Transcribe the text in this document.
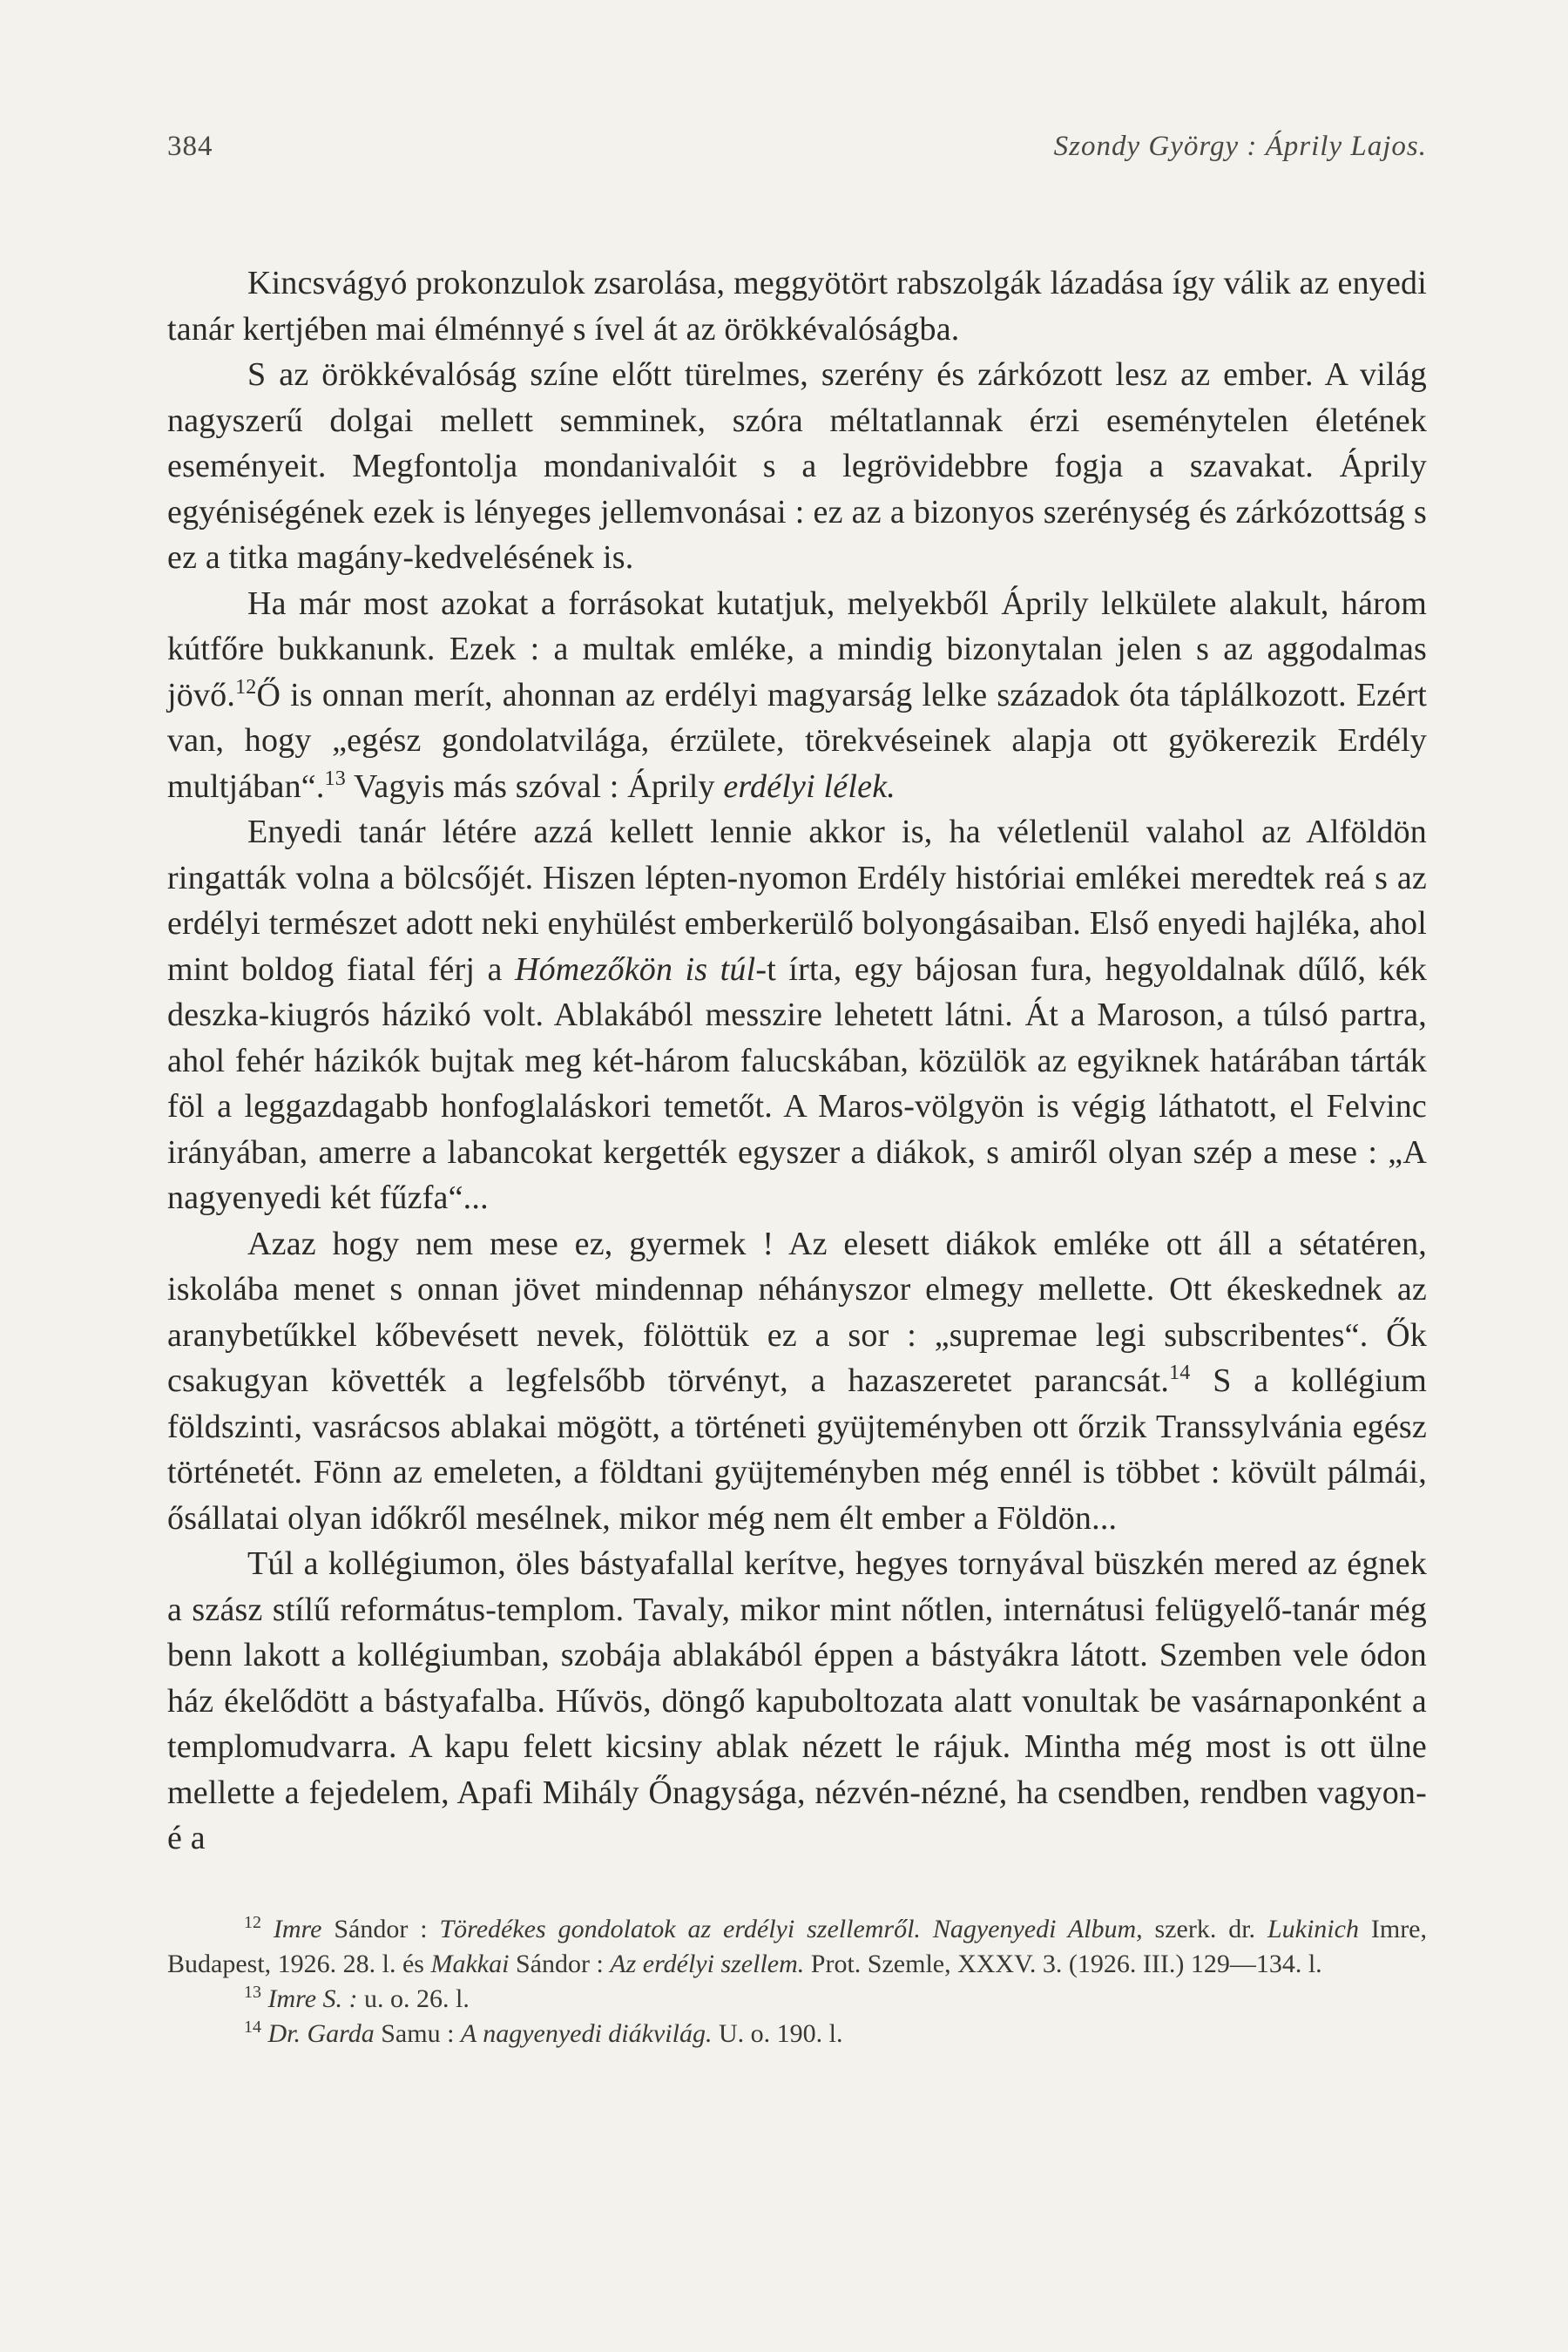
384	Szondy György : Áprily Lajos.

Kincsvágyó prokonzulok zsarolása, meggyötört rabszolgák lázadása így válik az enyedi tanár kertjében mai élménnyé s ível át az örökkévalóságba.

S az örökkévalóság színe előtt türelmes, szerény és zárkózott lesz az ember. A világ nagyszerű dolgai mellett semminek, szóra méltatlannak érzi eseménytelen életének eseményeit. Megfontolja mondanivalóit s a legrövidebbre fogja a szavakat. Áprily egyéniségének ezek is lényeges jellemvonásai : ez az a bizonyos szerénység és zárkózottság s ez a titka magány-kedvelésének is.

Ha már most azokat a forrásokat kutatjuk, melyekből Áprily lelkülete alakult, három kútfőre bukkanunk. Ezek : a multak emléke, a mindig bizonytalan jelen s az aggodalmas jövő.$^{12}$Ő is onnan merít, ahonnan az erdélyi magyarság lelke századok óta táplálkozott. Ezért van, hogy „egész gondolatvilága, érzülete, törekvéseinek alapja ott gyökerezik Erdély multjában“.$^{13}$ Vagyis más szóval : Áprily erdélyi lélek.

Enyedi tanár létére azzá kellett lennie akkor is, ha véletlenül valahol az Alföldön ringatták volna a bölcsőjét. Hiszen lépten-nyomon Erdély históriai emlékei meredtek reá s az erdélyi természet adott neki enyhülést emberkerülő bolyongásaiban. Első enyedi hajléka, ahol mint boldog fiatal férj a Hómezőkön is túl-t írta, egy bájosan fura, hegyoldalnak dűlő, kék deszka-kiugrós házikó volt. Ablakából messzire lehetett látni. Át a Maroson, a túlsó partra, ahol fehér házikók bujtak meg két-három falucskában, közülök az egyiknek határában tárták föl a leggazdagabb honfoglaláskori temetőt. A Maros-völgyön is végig láthatott, el Felvinc irányában, amerre a labancokat kergették egyszer a diákok, s amiről olyan szép a mese : „A nagyenyedi két fűzfa“...

Azaz hogy nem mese ez, gyermek ! Az elesett diákok emléke ott áll a sétatéren, iskolába menet s onnan jövet mindennap néhányszor elmegy mellette. Ott ékeskednek az aranybetűkkel kőbevésett nevek, fölöttük ez a sor : „supremae legi subscribentes“. Ők csakugyan követték a legfelsőbb törvényt, a hazaszeretet parancsát.$^{14}$ S a kollégium földszinti, vasrácsos ablakai mögött, a történeti gyüjteményben ott őrzik Transsylvánia egész történetét. Fönn az emeleten, a földtani gyüjteményben még ennél is többet : kövült pálmái, ősállatai olyan időkről mesélnek, mikor még nem élt ember a Földön...

Túl a kollégiumon, öles bástyafallal kerítve, hegyes tornyával büszkén mered az égnek a szász stílű református-templom. Tavaly, mikor mint nőtlen, internátusi felügyelő-tanár még benn lakott a kollégiumban, szobája ablakából éppen a bástyákra látott. Szemben vele ódon ház ékelődött a bástyafalba. Hűvös, döngő kapuboltozata alatt vonultak be vasárnaponként a templomudvarra. A kapu felett kicsiny ablak nézett le rájuk. Mintha még most is ott ülne mellette a fejedelem, Apafi Mihály Őnagysága, nézvén-nézné, ha csendben, rendben vagyon-é a

$^{12}$ Imre Sándor : Töredékes gondolatok az erdélyi szellemről. Nagyenyedi Album, szerk. dr. Lukinich Imre, Budapest, 1926. 28. l. és Makkai Sándor : Az erdélyi szellem. Prot. Szemle, XXXV. 3. (1926. III.) 129—134. l.

$^{13}$ Imre S. : u. o. 26. l.

$^{14}$ Dr. Garda Samu : A nagyenyedi diákvilág. U. o. 190. l.
